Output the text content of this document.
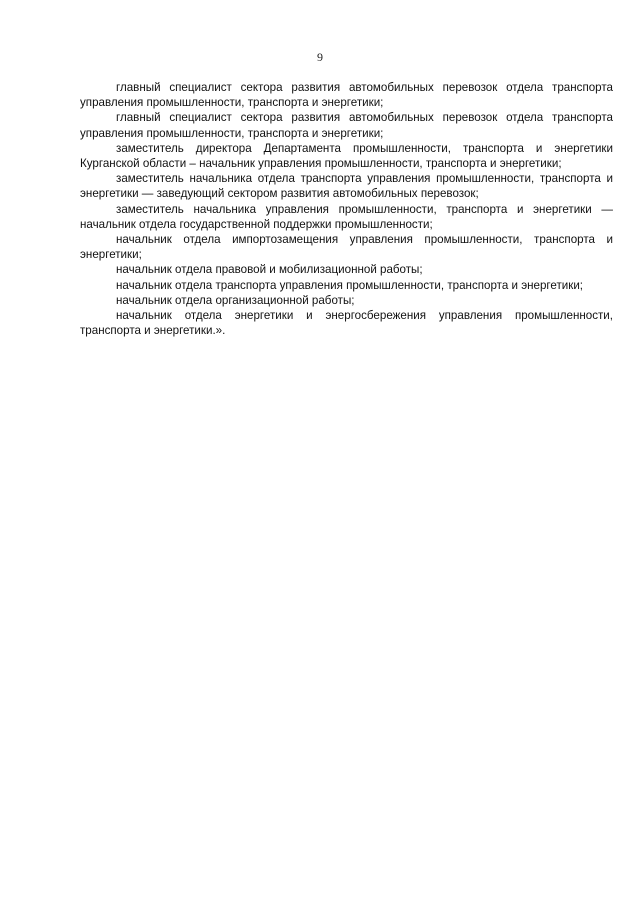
9

главный специалист сектора развития автомобильных перевозок отдела транспорта управления промышленности, транспорта и энергетики;

главный специалист сектора развития автомобильных перевозок отдела транспорта управления промышленности, транспорта и энергетики;

заместитель директора Департамента промышленности, транспорта и энергетики Курганской области – начальник управления промышленности, транспорта и энергетики;

заместитель начальника отдела транспорта управления промышленности, транспорта и энергетики — заведующий сектором развития автомобильных перевозок;

заместитель начальника управления промышленности, транспорта и энергетики — начальник отдела государственной поддержки промышленности;

начальник отдела импортозамещения управления промышленности, транспорта и энергетики;

начальник отдела правовой и мобилизационной работы;

начальник отдела транспорта управления промышленности, транспорта и энергетики;

начальник отдела организационной работы;

начальник отдела энергетики и энергосбережения управления промышленности, транспорта и энергетики.».
